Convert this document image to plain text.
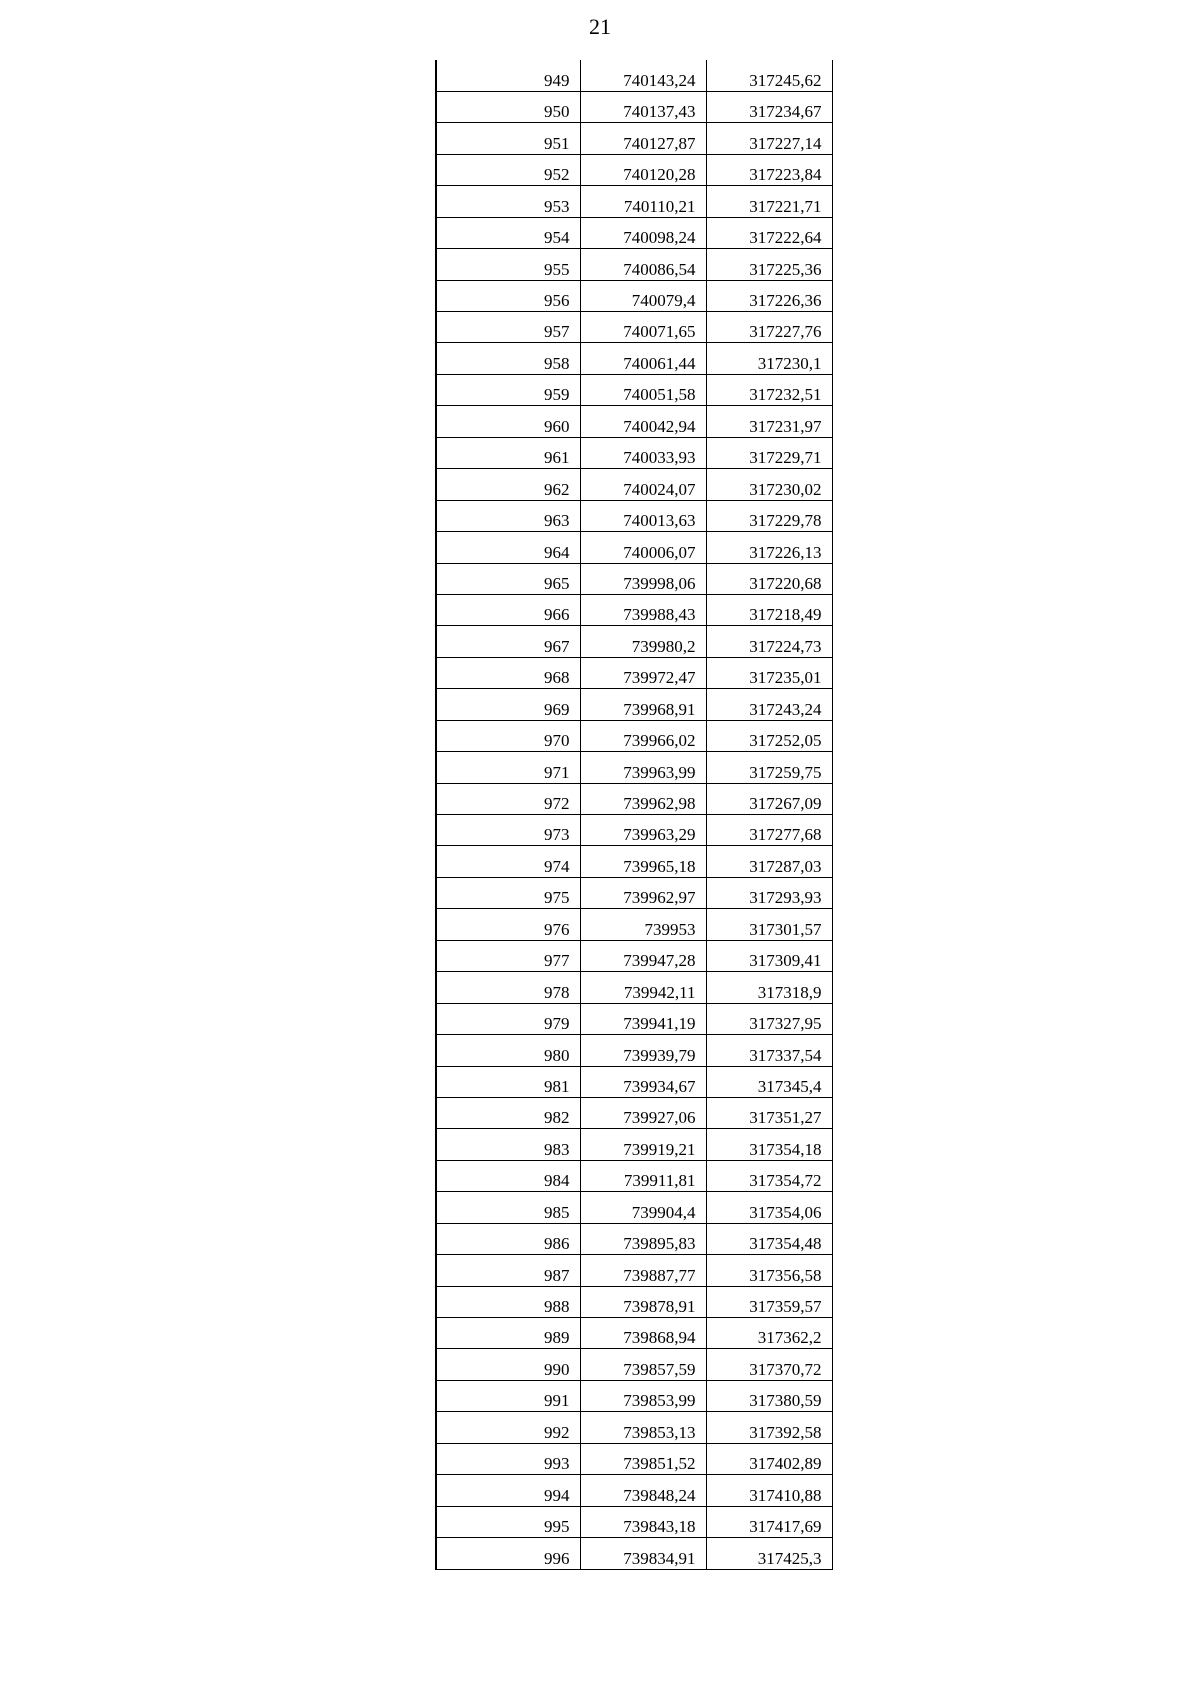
21
949	740143,24	317245,62
950	740137,43	317234,67
951	740127,87	317227,14
952	740120,28	317223,84
953	740110,21	317221,71
954	740098,24	317222,64
955	740086,54	317225,36
956	740079,4	317226,36
957	740071,65	317227,76
958	740061,44	317230,1
959	740051,58	317232,51
960	740042,94	317231,97
961	740033,93	317229,71
962	740024,07	317230,02
963	740013,63	317229,78
964	740006,07	317226,13
965	739998,06	317220,68
966	739988,43	317218,49
967	739980,2	317224,73
968	739972,47	317235,01
969	739968,91	317243,24
970	739966,02	317252,05
971	739963,99	317259,75
972	739962,98	317267,09
973	739963,29	317277,68
974	739965,18	317287,03
975	739962,97	317293,93
976	739953	317301,57
977	739947,28	317309,41
978	739942,11	317318,9
979	739941,19	317327,95
980	739939,79	317337,54
981	739934,67	317345,4
982	739927,06	317351,27
983	739919,21	317354,18
984	739911,81	317354,72
985	739904,4	317354,06
986	739895,83	317354,48
987	739887,77	317356,58
988	739878,91	317359,57
989	739868,94	317362,2
990	739857,59	317370,72
991	739853,99	317380,59
992	739853,13	317392,58
993	739851,52	317402,89
994	739848,24	317410,88
995	739843,18	317417,69
996	739834,91	317425,3
